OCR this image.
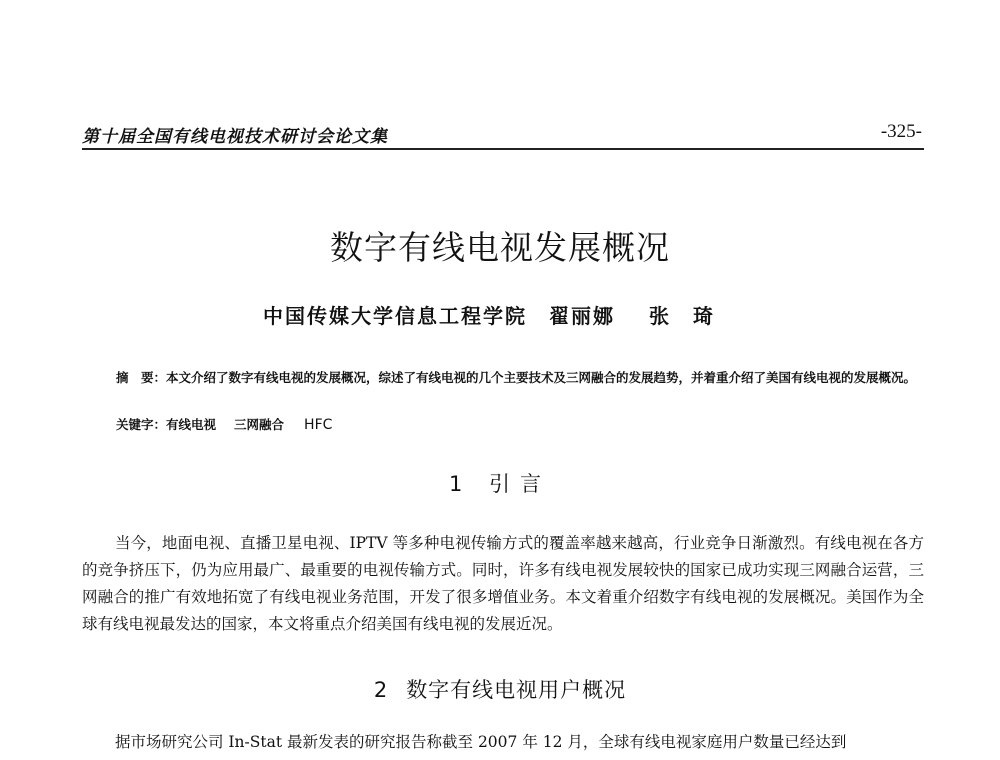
第十届全国有线电视技术研讨会论文集	-325-
数字有线电视发展概况
中国传媒大学信息工程学院 翟丽娜 张琦
摘　要：本文介绍了数字有线电视的发展概况，综述了有线电视的几个主要技术及三网融合的发展趋势，并着重介绍了美国有线电视的发展概况。
关键字：有线电视 三网融合 HFC
1 引言
当今，地面电视、直播卫星电视、IPTV 等多种电视传输方式的覆盖率越来越高，行业竞争日渐激烈。有线电视在各方的竞争挤压下，仍为应用最广、最重要的电视传输方式。同时，许多有线电视发展较快的国家已成功实现三网融合运营，三网融合的推广有效地拓宽了有线电视业务范围，开发了很多增值业务。本文着重介绍数字有线电视的发展概况。美国作为全球有线电视最发达的国家，本文将重点介绍美国有线电视的发展近况。
2 数字有线电视用户概况
据市场研究公司 In-Stat 最新发表的研究报告称截至 2007 年 12 月，全球有线电视家庭用户数量已经达到
